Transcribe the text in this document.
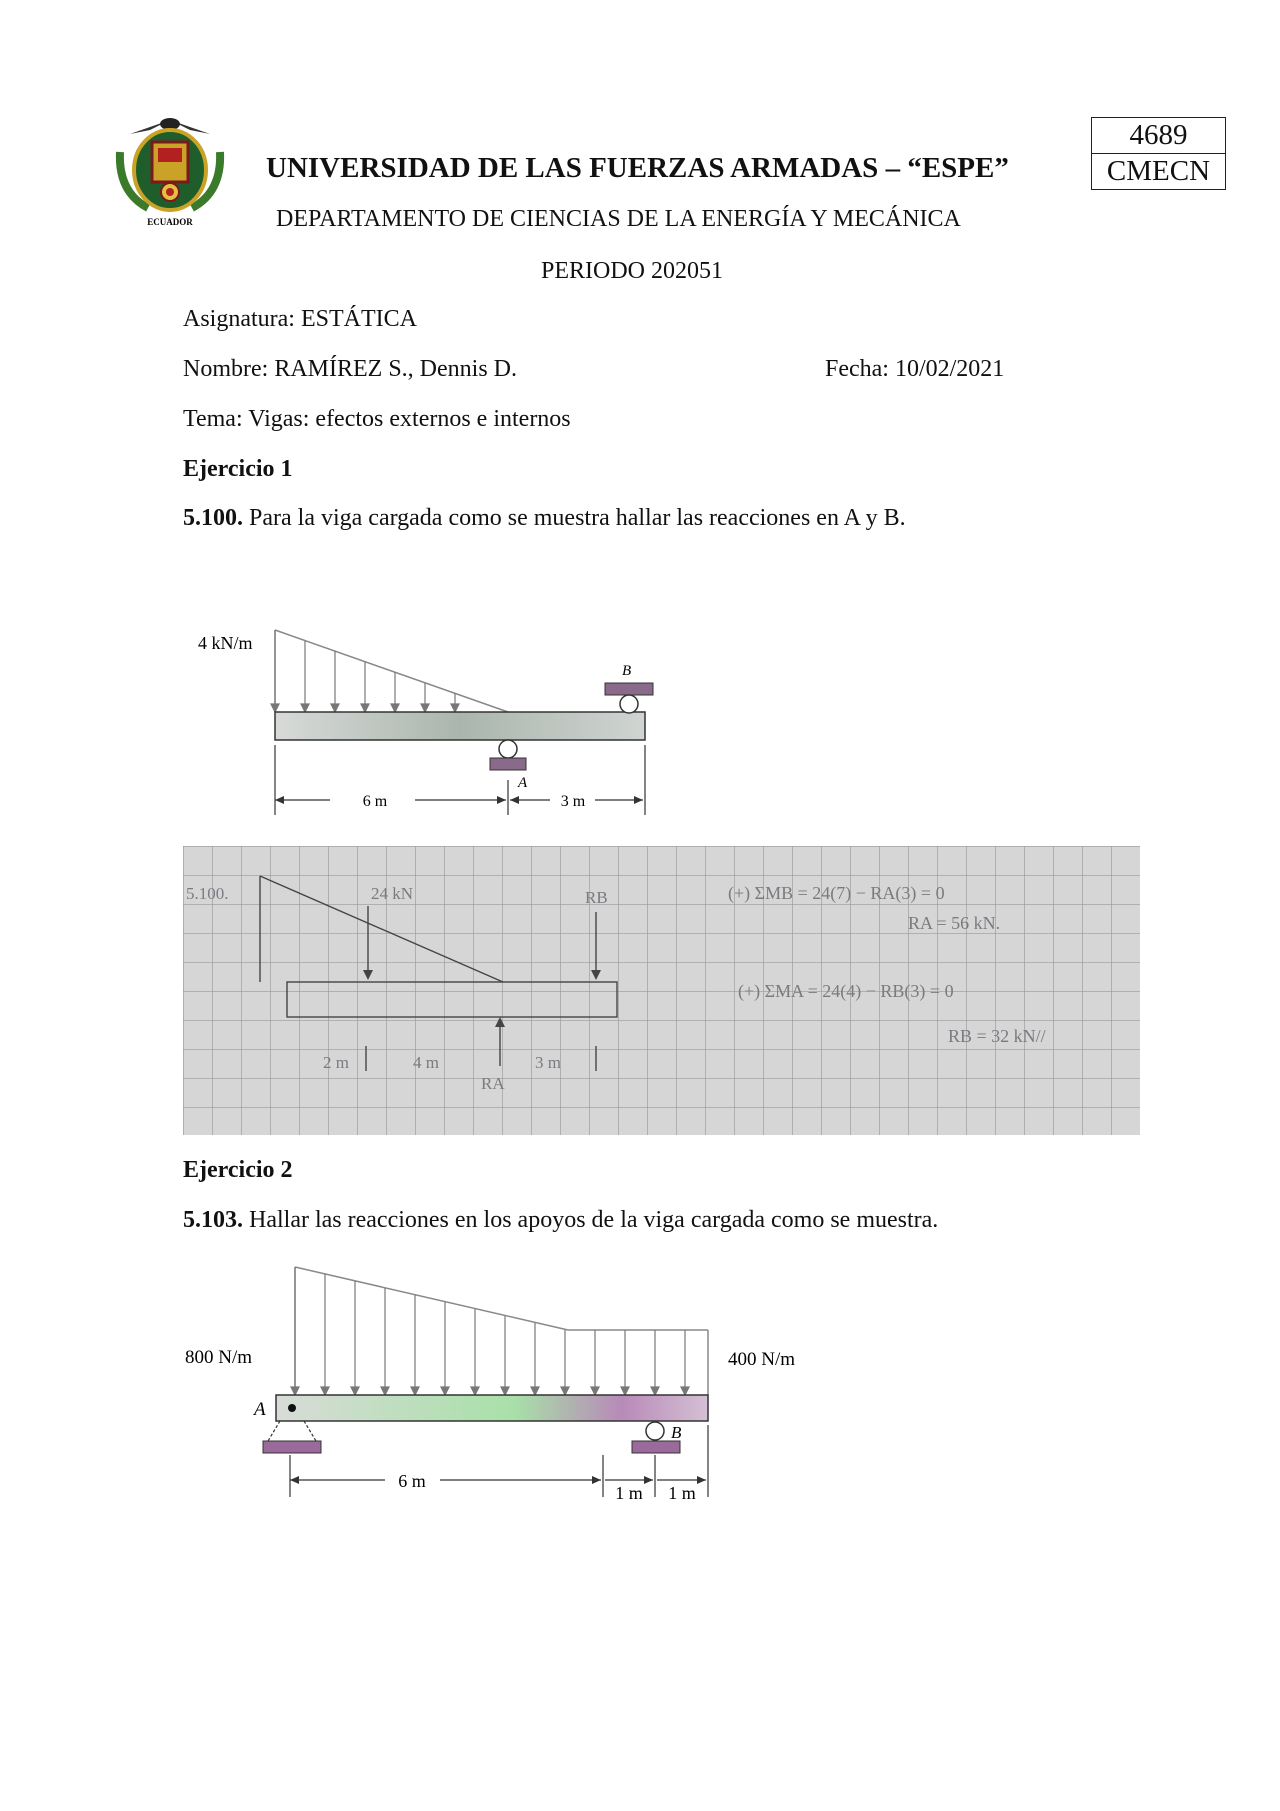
ECUADOR
4689
CMECN
UNIVERSIDAD DE LAS FUERZAS ARMADAS – “ESPE”
DEPARTAMENTO DE CIENCIAS DE LA ENERGÍA Y MECÁNICA
PERIODO 202051
Asignatura: ESTÁTICA
Nombre: RAMÍREZ S., Dennis D.	Fecha: 10/02/2021
Tema: Vigas: efectos externos e internos
Ejercicio 1
5.100. Para la viga cargada como se muestra hallar las reacciones en A y B.
4 kN/m
B
A
6 m	3 m
5.100.	24 kN	RB
RA
2 m	4 m	3 m
(+) ΣMB = 24(7) − RA(3) = 0
RA = 56 kN.
(+) ΣMA = 24(4) − RB(3) = 0
RB = 32 kN//
Ejercicio 2
5.103. Hallar las reacciones en los apoyos de la viga cargada como se muestra.
800 N/m	400 N/m
A
B
6 m
1 m 1 m
